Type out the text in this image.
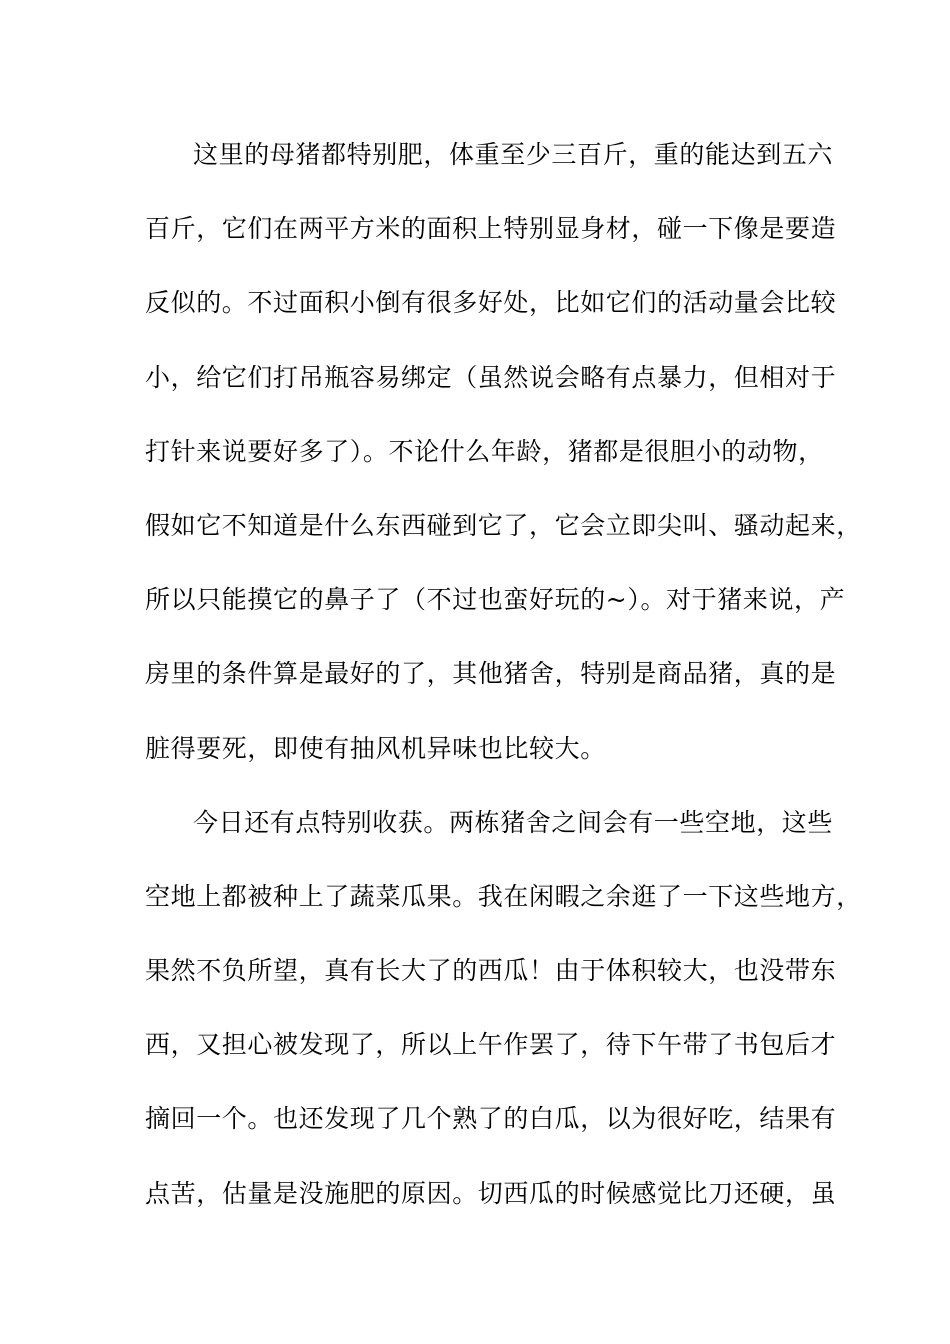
这里的母猪都特别肥，体重至少三百斤，重的能达到五六
百斤，它们在两平方米的面积上特别显身材，碰一下像是要造
反似的。不过面积小倒有很多好处，比如它们的活动量会比较
小，给它们打吊瓶容易绑定（虽然说会略有点暴力，但相对于
打针来说要好多了）。不论什么年龄，猪都是很胆小的动物，
假如它不知道是什么东西碰到它了，它会立即尖叫、骚动起来，
所以只能摸它的鼻子了（不过也蛮好玩的~）。对于猪来说，产
房里的条件算是最好的了，其他猪舍，特别是商品猪，真的是
脏得要死，即使有抽风机异味也比较大。
今日还有点特别收获。两栋猪舍之间会有一些空地，这些
空地上都被种上了蔬菜瓜果。我在闲暇之余逛了一下这些地方，
果然不负所望，真有长大了的西瓜！由于体积较大，也没带东
西，又担心被发现了，所以上午作罢了，待下午带了书包后才
摘回一个。也还发现了几个熟了的白瓜，以为很好吃，结果有
点苦，估量是没施肥的原因。切西瓜的时候感觉比刀还硬，虽
